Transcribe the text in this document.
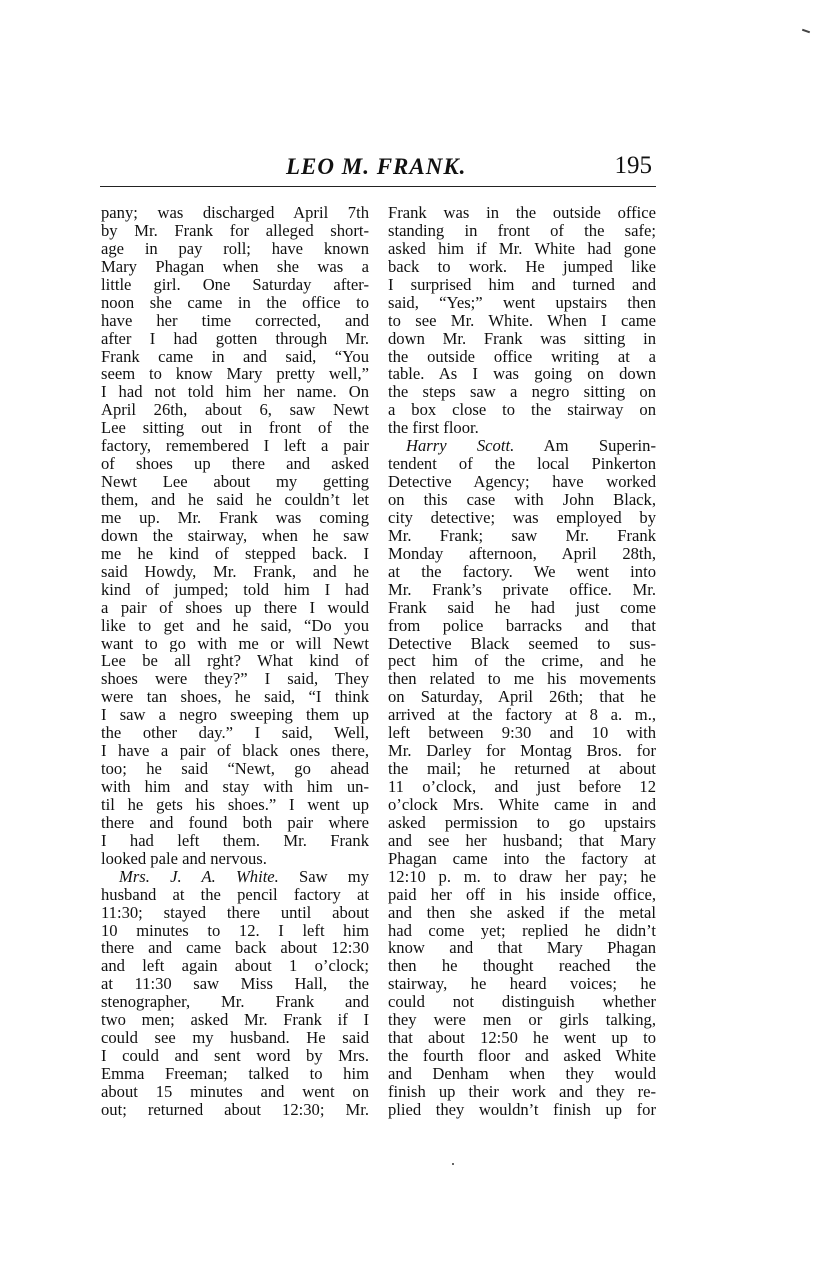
LEO M. FRANK.	195
pany; was discharged April 7th
by Mr. Frank for alleged short-
age in pay roll; have known
Mary Phagan when she was a
little girl. One Saturday after-
noon she came in the office to
have her time corrected, and
after I had gotten through Mr.
Frank came in and said, “You
seem to know Mary pretty well,”
I had not told him her name. On
April 26th, about 6, saw Newt
Lee sitting out in front of the
factory, remembered I left a pair
of shoes up there and asked
Newt Lee about my getting
them, and he said he couldn’t let
me up. Mr. Frank was coming
down the stairway, when he saw
me he kind of stepped back. I
said Howdy, Mr. Frank, and he
kind of jumped; told him I had
a pair of shoes up there I would
like to get and he said, “Do you
want to go with me or will Newt
Lee be all rght? What kind of
shoes were they?” I said, They
were tan shoes, he said, “I think
I saw a negro sweeping them up
the other day.” I said, Well,
I have a pair of black ones there,
too; he said “Newt, go ahead
with him and stay with him un-
til he gets his shoes.” I went up
there and found both pair where
I had left them. Mr. Frank
looked pale and nervous.
Mrs. J. A. White. Saw my
husband at the pencil factory at
11:30; stayed there until about
10 minutes to 12. I left him
there and came back about 12:30
and left again about 1 o’clock;
at 11:30 saw Miss Hall, the
stenographer, Mr. Frank and
two men; asked Mr. Frank if I
could see my husband. He said
I could and sent word by Mrs.
Emma Freeman; talked to him
about 15 minutes and went on
out; returned about 12:30; Mr.
Frank was in the outside office
standing in front of the safe;
asked him if Mr. White had gone
back to work. He jumped like
I surprised him and turned and
said, “Yes;” went upstairs then
to see Mr. White. When I came
down Mr. Frank was sitting in
the outside office writing at a
table. As I was going on down
the steps saw a negro sitting on
a box close to the stairway on
the first floor.
Harry Scott. Am Superin-
tendent of the local Pinkerton
Detective Agency; have worked
on this case with John Black,
city detective; was employed by
Mr. Frank; saw Mr. Frank
Monday afternoon, April 28th,
at the factory. We went into
Mr. Frank’s private office. Mr.
Frank said he had just come
from police barracks and that
Detective Black seemed to sus-
pect him of the crime, and he
then related to me his movements
on Saturday, April 26th; that he
arrived at the factory at 8 a. m.,
left between 9:30 and 10 with
Mr. Darley for Montag Bros. for
the mail; he returned at about
11 o’clock, and just before 12
o’clock Mrs. White came in and
asked permission to go upstairs
and see her husband; that Mary
Phagan came into the factory at
12:10 p. m. to draw her pay; he
paid her off in his inside office,
and then she asked if the metal
had come yet; replied he didn’t
know and that Mary Phagan
then he thought reached the
stairway, he heard voices; he
could not distinguish whether
they were men or girls talking,
that about 12:50 he went up to
the fourth floor and asked White
and Denham when they would
finish up their work and they re-
plied they wouldn’t finish up for
